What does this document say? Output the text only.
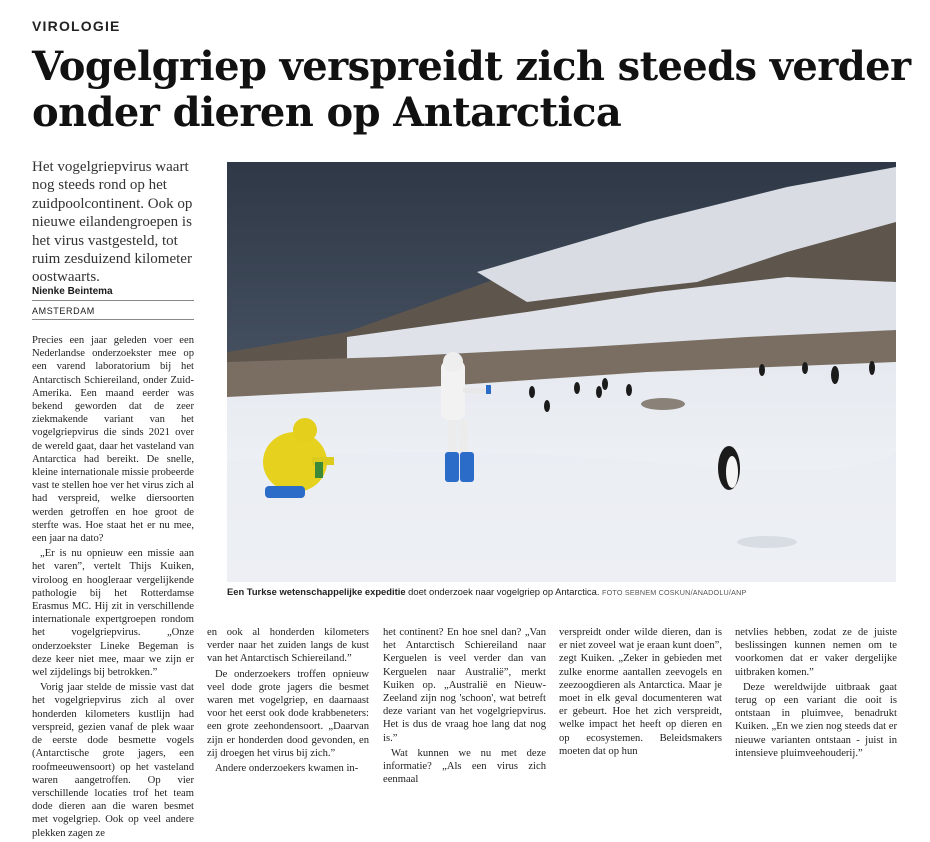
VIROLOGIE
Vogelgriep verspreidt zich steeds verder onder dieren op Antarctica
Het vogelgriepvirus waart nog steeds rond op het zuidpoolcontinent. Ook op nieuwe eilandengroepen is het virus vastgesteld, tot ruim zesduizend kilometer oostwaarts.
Nienke Beintema
AMSTERDAM

Precies een jaar geleden voer een Nederlandse onderzoekster mee op een varend laboratorium bij het Antarctisch Schiereiland, onder Zuid-Amerika. Een maand eerder was bekend geworden dat de zeer ziekmakende variant van het vogelgriepvirus die sinds 2021 over de wereld gaat, daar het vasteland van Antarctica had bereikt. De snelle, kleine internationale missie probeerde vast te stellen hoe ver het virus zich al had verspreid, welke diersoorten werden getroffen en hoe groot de sterfte was. Hoe staat het er nu mee, een jaar na dato?

„Er is nu opnieuw een missie aan het varen”, vertelt Thijs Kuiken, viroloog en hoogleraar vergelijkende pathologie bij het Rotterdamse Erasmus MC. Hij zit in verschillende internationale expertgroepen rondom het vogelgriepvirus. „Onze onderzoekster Lineke Begeman is deze keer niet mee, maar we zijn er wel zijdelings bij betrokken.”

Vorig jaar stelde de missie vast dat het vogelgriepvirus zich al over honderden kilometers kustlijn had verspreid, gezien vanaf de plek waar de eerste dode besmette vogels (Antarctische grote jagers, een roofmeeuwensoort) op het vasteland waren aangetroffen. Op vier verschillende locaties trof het team dode dieren aan die waren besmet met vogelgriep. Ook op veel andere plekken zagen ze

Een Turkse wetenschappelijke expeditie doet onderzoek naar vogelgriep op Antarctica. FOTO SEBNEM COSKUN/ANADOLU/ANP

en ook al honderden kilometers verder naar het zuiden langs de kust van het Antarctisch Schiereiland.”

De onderzoekers troffen opnieuw veel dode grote jagers die besmet waren met vogelgriep, en daarnaast voor het eerst ook dode krabbeneters: een grote zeehondensoort. „Daarvan zijn er honderden dood gevonden, en zij droegen het virus bij zich.”

Andere onderzoekers kwamen in-

het continent? En hoe snel dan? „Van het Antarctisch Schiereiland naar Kerguelen is veel verder dan van Kerguelen naar Australië”, merkt Kuiken op. „Australië en Nieuw-Zeeland zijn nog 'schoon', wat betreft deze variant van het vogelgriepvirus. Het is dus de vraag hoe lang dat nog is.”

Wat kunnen we nu met deze informatie? „Als een virus zich eenmaal

verspreidt onder wilde dieren, dan is er niet zoveel wat je eraan kunt doen”, zegt Kuiken. „Zeker in gebieden met zulke enorme aantallen zeevogels en zeezoogdieren als Antarctica. Maar je moet in elk geval documenteren wat er gebeurt. Hoe het zich verspreidt, welke impact het heeft op dieren en op ecosystemen. Beleidsmakers moeten dat op hun

netvlies hebben, zodat ze de juiste beslissingen kunnen nemen om te voorkomen dat er vaker dergelijke uitbraken komen.”

Deze wereldwijde uitbraak gaat terug op een variant die ooit is ontstaan in pluimvee, benadrukt Kuiken. „En we zien nog steeds dat er nieuwe varianten ontstaan - juist in intensieve pluimveehouderij.”
